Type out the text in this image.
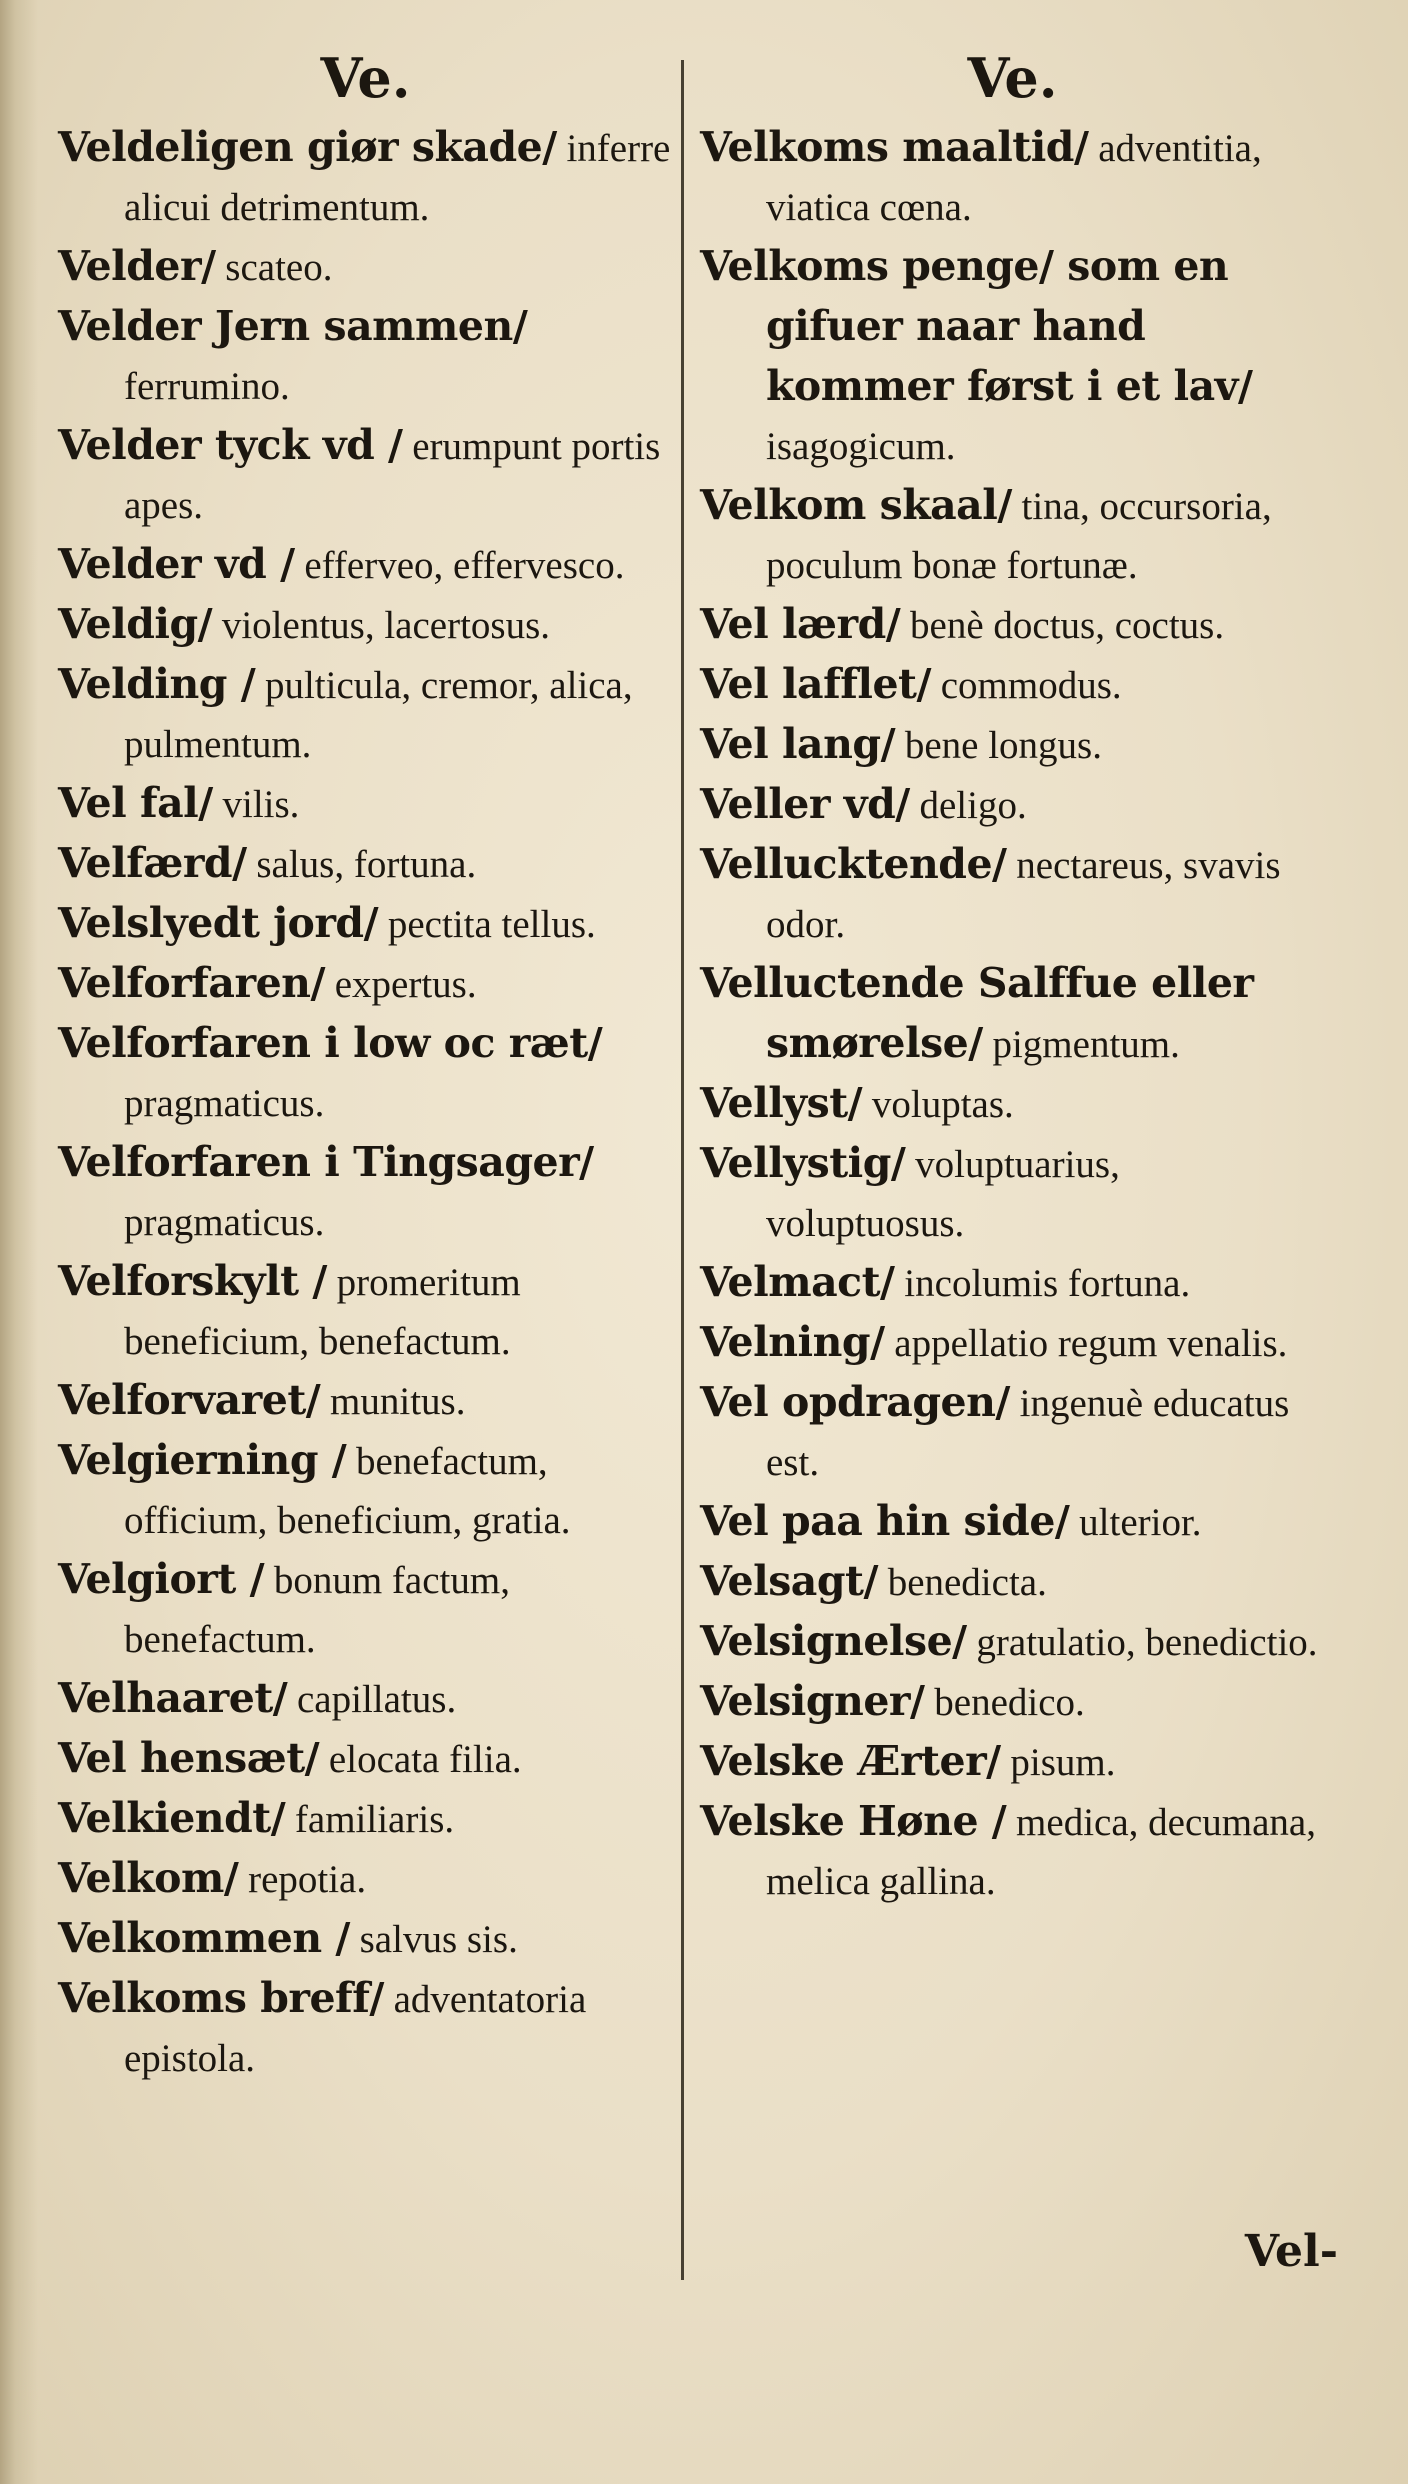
Ve.

Veldeligen giør skade/ inferre alicui detrimentum.

Velder/ scateo.

Velder Jern sammen/ ferrumino.

Velder tyck vd / erumpunt portis apes.

Velder vd / efferveo, effervesco.

Veldig/ violentus, lacertosus.

Velding / pulticula, cremor, alica, pulmentum.

Vel fal/ vilis.

Velfærd/ salus, fortuna.

Velslyedt jord/ pectita tellus.

Velforfaren/ expertus.

Velforfaren i low oc ræt/ pragmaticus.

Velforfaren i Tingsager/ pragmaticus.

Velforskylt / promeritum beneficium, benefactum.

Velforvaret/ munitus.

Velgierning / benefactum, officium, beneficium, gratia.

Velgiort / bonum factum, benefactum.

Velhaaret/ capillatus.

Vel hensæt/ elocata filia.

Velkiendt/ familiaris.

Velkom/ repotia.

Velkommen / salvus sis.

Velkoms breff/ adventatoria epistola.

Ve.

Velkoms maaltid/ adventitia, viatica cœna.

Velkoms penge/ som en gifuer naar hand kommer først i et lav/ isagogicum.

Velkom skaal/ tina, occursoria, poculum bonæ fortunæ.

Vel lærd/ benè doctus, coctus.

Vel lafflet/ commodus.

Vel lang/ bene longus.

Veller vd/ deligo.

Vellucktende/ nectareus, svavis odor.

Velluctende Salffue eller smørelse/ pigmentum.

Vellyst/ voluptas.

Vellystig/ voluptuarius, voluptuosus.

Velmact/ incolumis fortuna.

Velning/ appellatio regum venalis.

Vel opdragen/ ingenuè educatus est.

Vel paa hin side/ ulterior.

Velsagt/ benedicta.

Velsignelse/ gratulatio, benedictio.

Velsigner/ benedico.

Velske Ærter/ pisum.

Velske Høne / medica, decumana, melica gallina.

Vel-
